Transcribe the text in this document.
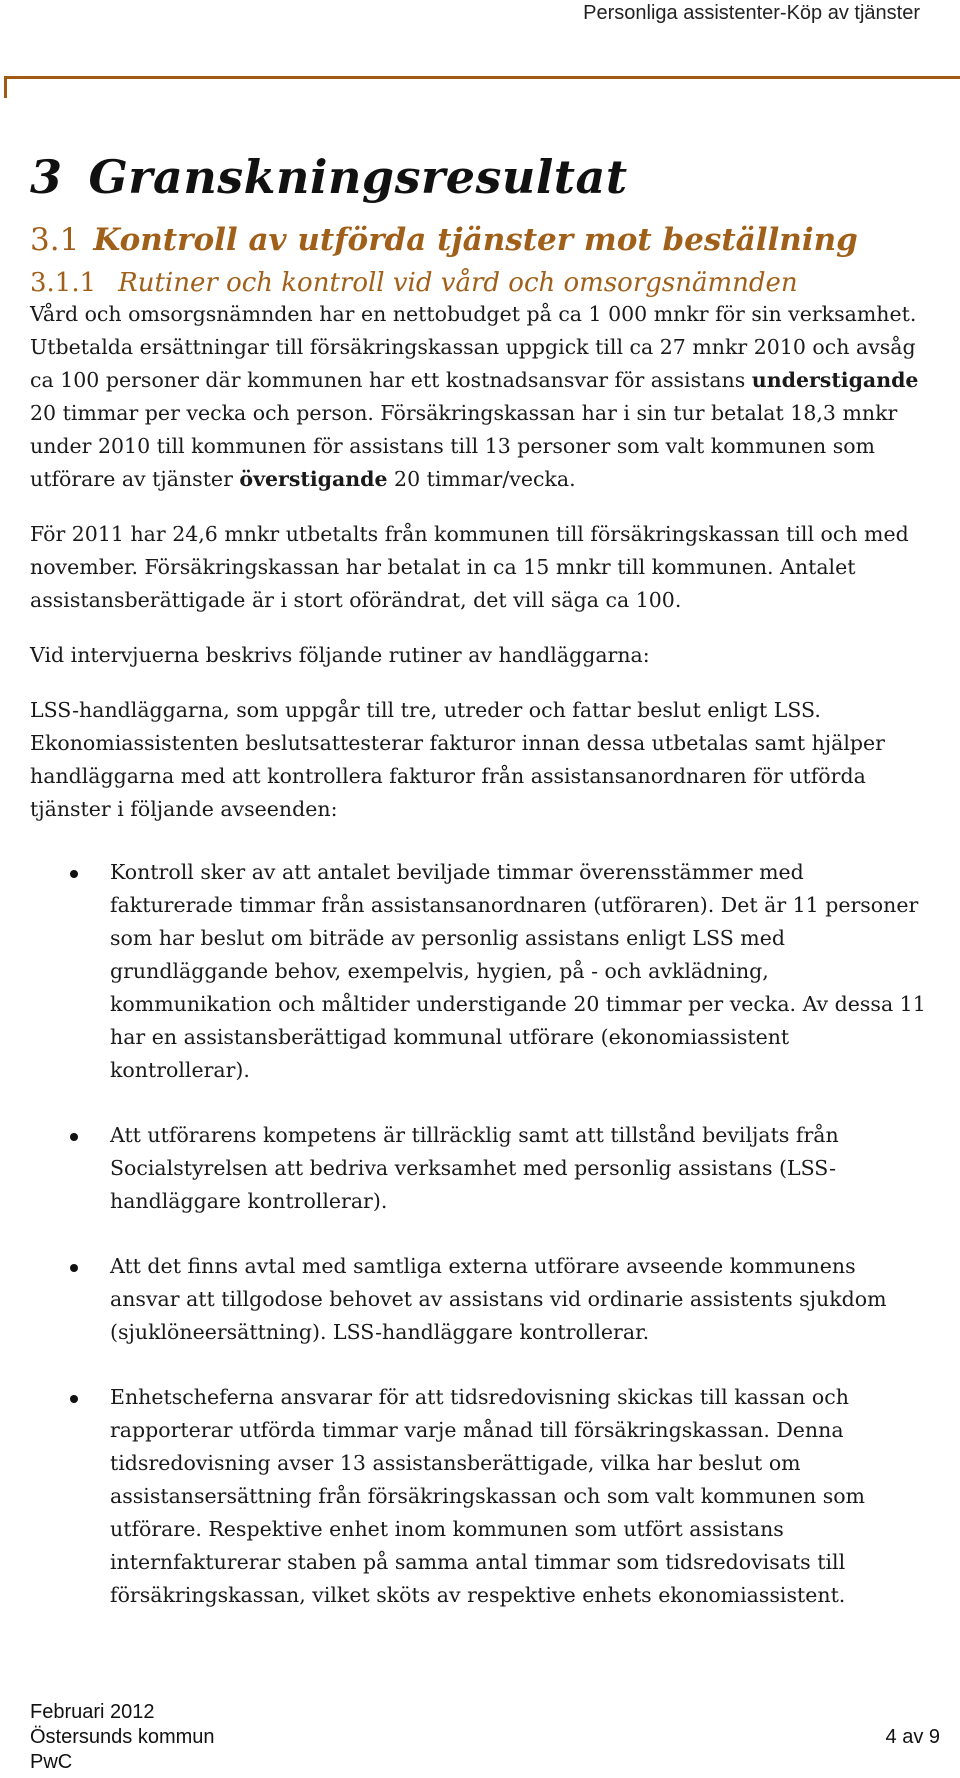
Personliga assistenter-Köp av tjänster
3 Granskningsresultat
3.1 Kontroll av utförda tjänster mot beställning
3.1.1 Rutiner och kontroll vid vård och omsorgsnämnden

Vård och omsorgsnämnden har en nettobudget på ca 1 000 mnkr för sin verksamhet. Utbetalda ersättningar till försäkringskassan uppgick till ca 27 mnkr 2010 och avsåg ca 100 personer där kommunen har ett kostnadsansvar för assistans understigande 20 timmar per vecka och person. Försäkringskassan har i sin tur betalat 18,3 mnkr under 2010 till kommunen för assistans till 13 personer som valt kommunen som utförare av tjänster överstigande 20 timmar/vecka.

För 2011 har 24,6 mnkr utbetalts från kommunen till försäkringskassan till och med november. Försäkringskassan har betalat in ca 15 mnkr till kommunen. Antalet assistansberättigade är i stort oförändrat, det vill säga ca 100.

Vid intervjuerna beskrivs följande rutiner av handläggarna:

LSS-handläggarna, som uppgår till tre, utreder och fattar beslut enligt LSS. Ekonomiassistenten beslutsattesterar fakturor innan dessa utbetalas samt hjälper handläggarna med att kontrollera fakturor från assistansanordnaren för utförda tjänster i följande avseenden:

Kontroll sker av att antalet beviljade timmar överensstämmer med fakturerade timmar från assistansanordnaren (utföraren). Det är 11 personer som har beslut om biträde av personlig assistans enligt LSS med grundläggande behov, exempelvis, hygien, på - och avklädning, kommunikation och måltider understigande 20 timmar per vecka. Av dessa 11 har en assistansberättigad kommunal utförare (ekonomiassistent kontrollerar).
Att utförarens kompetens är tillräcklig samt att tillstånd beviljats från Socialstyrelsen att bedriva verksamhet med personlig assistans (LSS-handläggare kontrollerar).
Att det finns avtal med samtliga externa utförare avseende kommunens ansvar att tillgodose behovet av assistans vid ordinarie assistents sjukdom (sjuklöneersättning). LSS-handläggare kontrollerar.
Enhetscheferna ansvarar för att tidsredovisning skickas till kassan och rapporterar utförda timmar varje månad till försäkringskassan. Denna tidsredovisning avser 13 assistansberättigade, vilka har beslut om assistansersättning från försäkringskassan och som valt kommunen som utförare. Respektive enhet inom kommunen som utfört assistans internfakturerar staben på samma antal timmar som tidsredovisats till försäkringskassan, vilket sköts av respektive enhets ekonomiassistent.
Februari 2012
Östersunds kommun
PwC
4 av 9
